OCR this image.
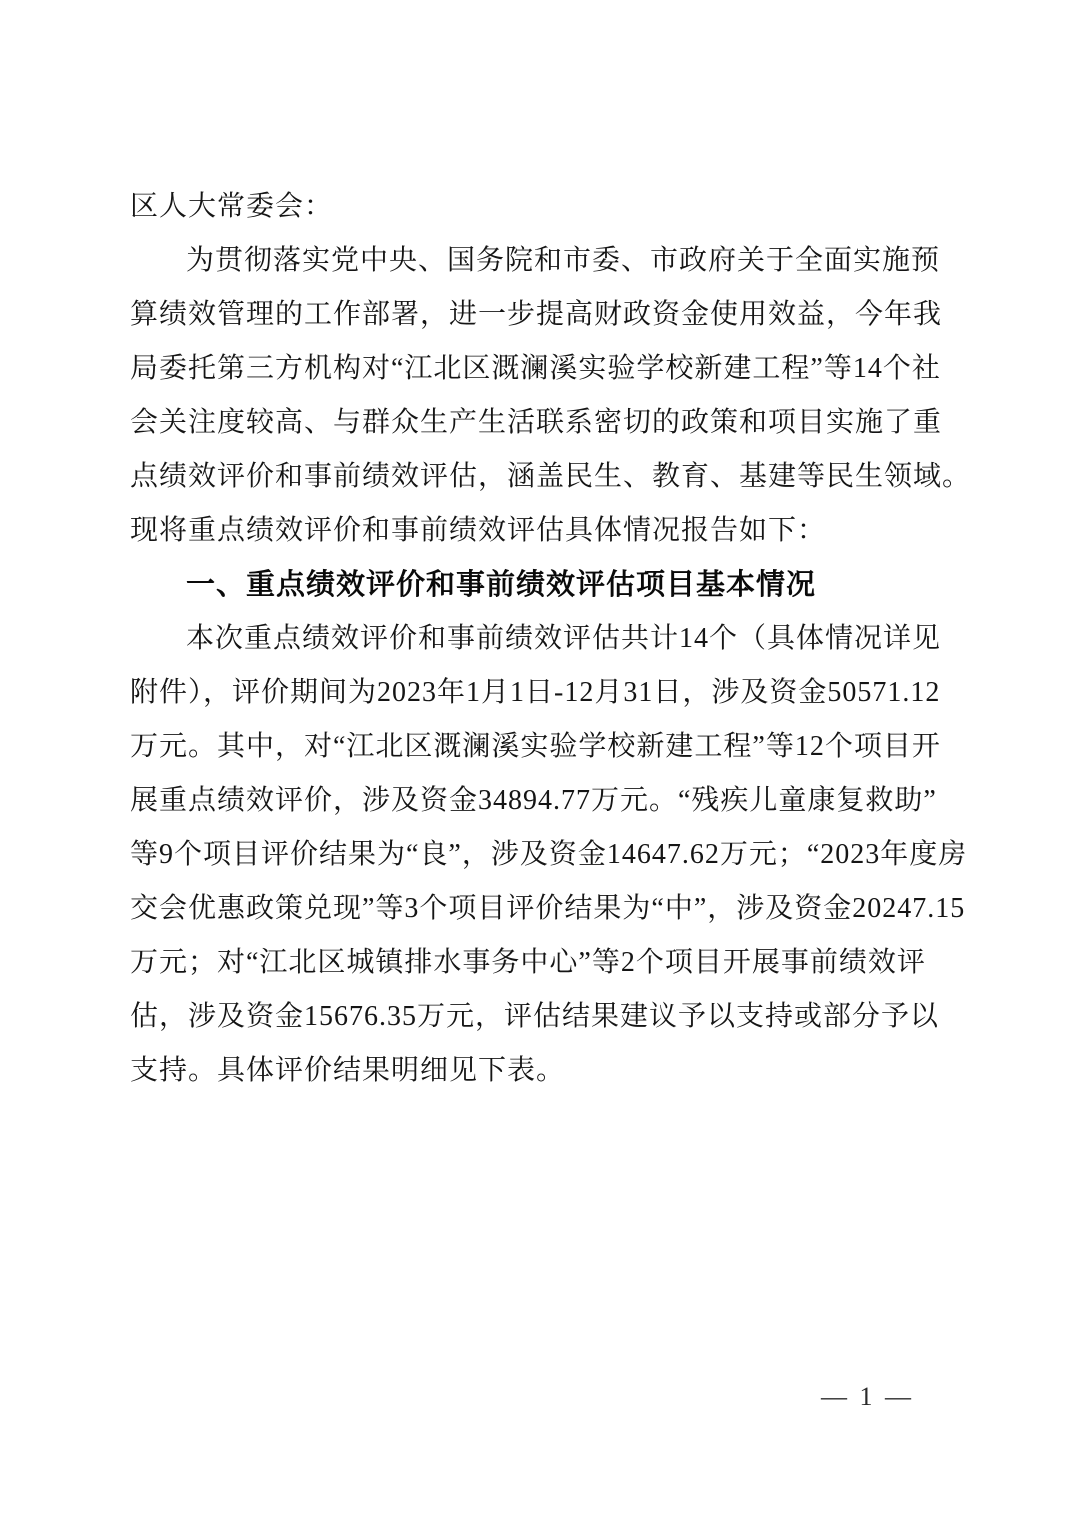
区人大常委会：
为贯彻落实党中央、国务院和市委、市政府关于全面实施预
算绩效管理的工作部署，进一步提高财政资金使用效益，今年我
局委托第三方机构对“江北区溉澜溪实验学校新建工程”等14个社
会关注度较高、与群众生产生活联系密切的政策和项目实施了重
点绩效评价和事前绩效评估，涵盖民生、教育、基建等民生领域。
现将重点绩效评价和事前绩效评估具体情况报告如下：
一、重点绩效评价和事前绩效评估项目基本情况
本次重点绩效评价和事前绩效评估共计14个（具体情况详见
附件），评价期间为2023年1月1日-12月31日，涉及资金50571.12
万元。其中，对“江北区溉澜溪实验学校新建工程”等12个项目开
展重点绩效评价，涉及资金34894.77万元。“残疾儿童康复救助”
等9个项目评价结果为“良”，涉及资金14647.62万元；“2023年度房
交会优惠政策兑现”等3个项目评价结果为“中”，涉及资金20247.15
万元；对“江北区城镇排水事务中心”等2个项目开展事前绩效评
估，涉及资金15676.35万元，评估结果建议予以支持或部分予以
支持。具体评价结果明细见下表。
— 1 —
